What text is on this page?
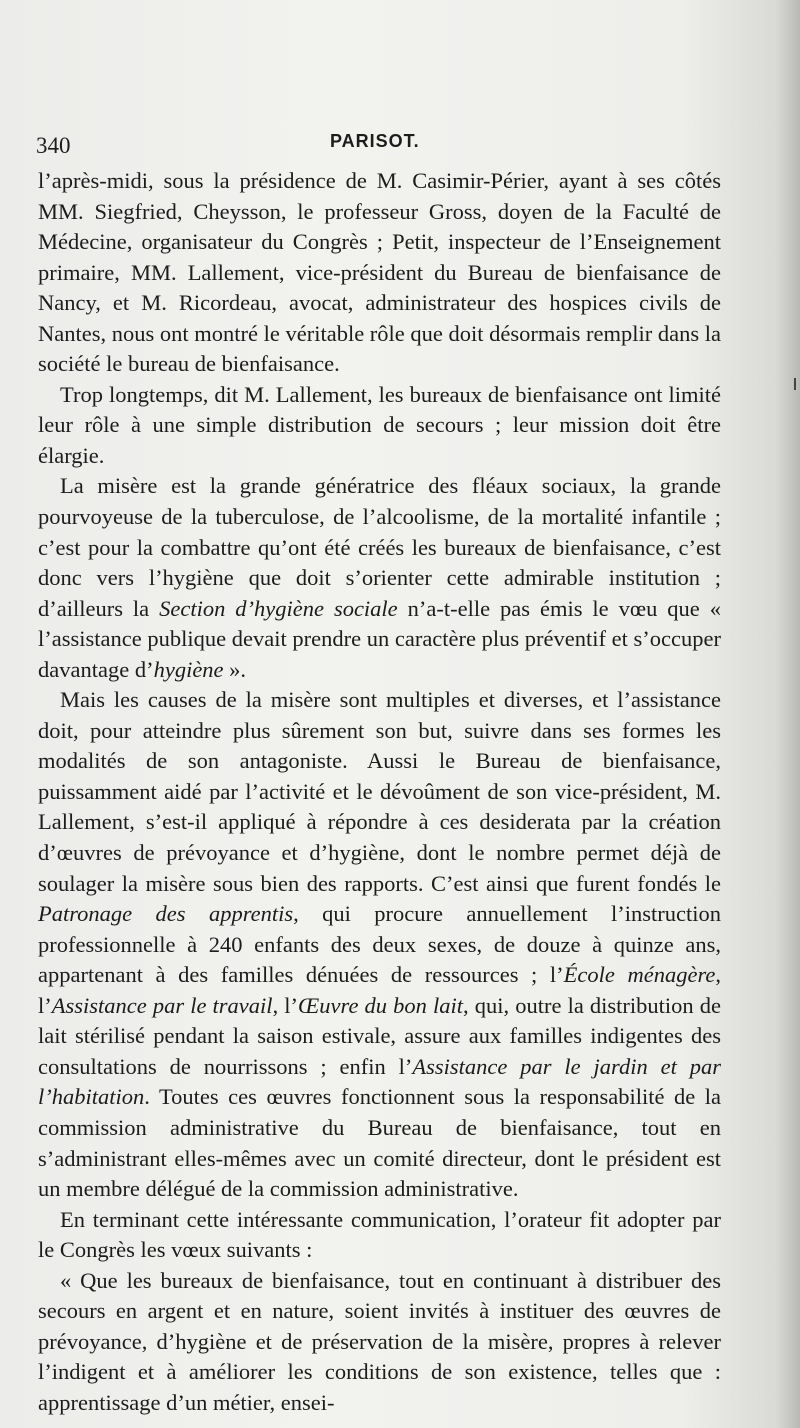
340	PARISOT.

l’après-midi, sous la présidence de M. Casimir-Périer, ayant à ses côtés MM. Siegfried, Cheysson, le professeur Gross, doyen de la Faculté de Médecine, organisateur du Congrès ; Petit, inspecteur de l’Enseignement primaire, MM. Lallement, vice-président du Bureau de bienfaisance de Nancy, et M. Ricordeau, avocat, administrateur des hospices civils de Nantes, nous ont montré le véritable rôle que doit désormais remplir dans la société le bureau de bienfaisance.

Trop longtemps, dit M. Lallement, les bureaux de bienfaisance ont limité leur rôle à une simple distribution de secours ; leur mission doit être élargie.

La misère est la grande génératrice des fléaux sociaux, la grande pourvoyeuse de la tuberculose, de l’alcoolisme, de la mortalité infantile ; c’est pour la combattre qu’ont été créés les bureaux de bienfaisance, c’est donc vers l’hygiène que doit s’orienter cette admirable institution ; d’ailleurs la Section d’hygiène sociale n’a-t-elle pas émis le vœu que « l’assistance publique devait prendre un caractère plus préventif et s’occuper davantage d’hygiène ».

Mais les causes de la misère sont multiples et diverses, et l’assistance doit, pour atteindre plus sûrement son but, suivre dans ses formes les modalités de son antagoniste. Aussi le Bureau de bienfaisance, puissamment aidé par l’activité et le dévoûment de son vice-président, M. Lallement, s’est-il appliqué à répondre à ces desiderata par la création d’œuvres de prévoyance et d’hygiène, dont le nombre permet déjà de soulager la misère sous bien des rapports. C’est ainsi que furent fondés le Patronage des apprentis, qui procure annuellement l’instruction professionnelle à 240 enfants des deux sexes, de douze à quinze ans, appartenant à des familles dénuées de ressources ; l’École ménagère, l’Assistance par le travail, l’Œuvre du bon lait, qui, outre la distribution de lait stérilisé pendant la saison estivale, assure aux familles indigentes des consultations de nourrissons ; enfin l’Assistance par le jardin et par l’habitation. Toutes ces œuvres fonctionnent sous la responsabilité de la commission administrative du Bureau de bienfaisance, tout en s’administrant elles-mêmes avec un comité directeur, dont le président est un membre délégué de la commission administrative.

En terminant cette intéressante communication, l’orateur fit adopter par le Congrès les vœux suivants :

« Que les bureaux de bienfaisance, tout en continuant à distribuer des secours en argent et en nature, soient invités à instituer des œuvres de prévoyance, d’hygiène et de préservation de la misère, propres à relever l’indigent et à améliorer les conditions de son existence, telles que : apprentissage d’un métier, ensei-
